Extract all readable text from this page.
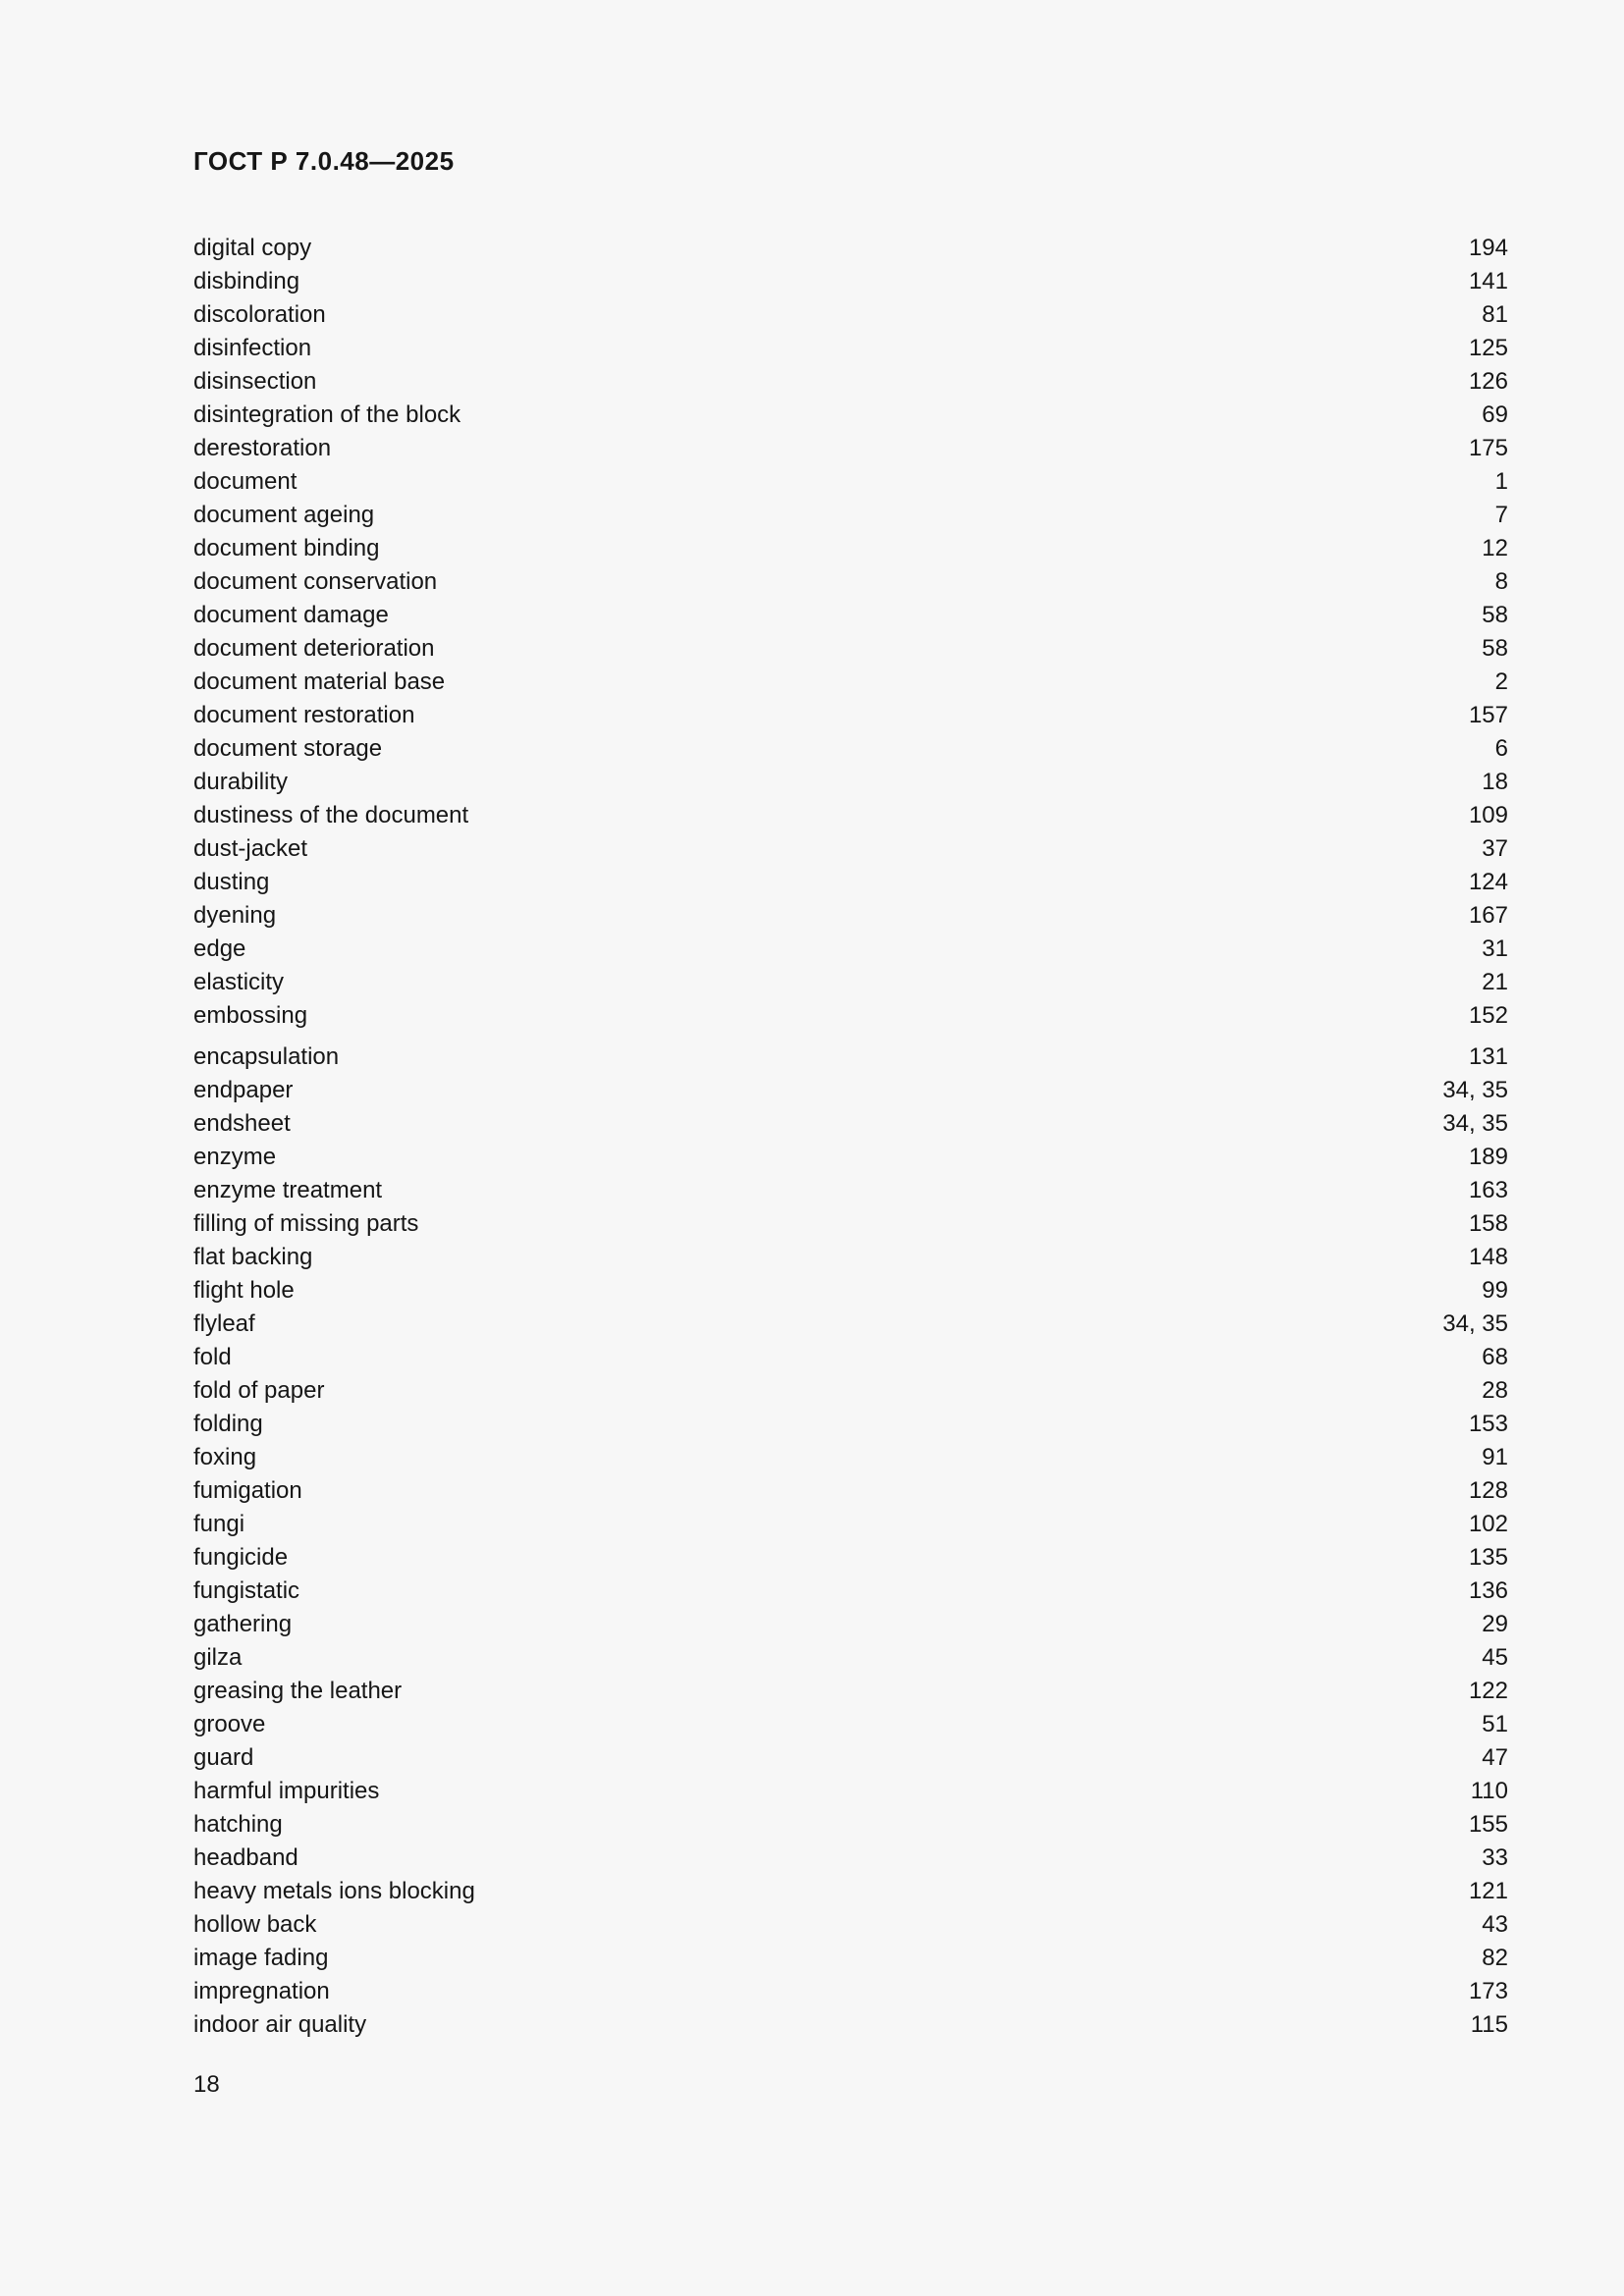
ГОСТ Р 7.0.48—2025
digital copy	194
disbinding	141
discoloration	81
disinfection	125
disinsection	126
disintegration of the block	69
derestoration	175
document	1
document ageing	7
document binding	12
document conservation	8
document damage	58
document deterioration	58
document material base	2
document restoration	157
document storage	6
durability	18
dustiness of the document	109
dust-jacket	37
dusting	124
dyening	167
edge	31
elasticity	21
embossing	152
encapsulation	131
endpaper	34, 35
endsheet	34, 35
enzyme	189
enzyme treatment	163
filling of missing parts	158
flat backing	148
flight hole	99
flyleaf	34, 35
fold	68
fold of paper	28
folding	153
foxing	91
fumigation	128
fungi	102
fungicide	135
fungistatic	136
gathering	29
gilza	45
greasing the leather	122
groove	51
guard	47
harmful impurities	110
hatching	155
headband	33
heavy metals ions blocking	121
hollow back	43
image fading	82
impregnation	173
indoor air quality	115
18
